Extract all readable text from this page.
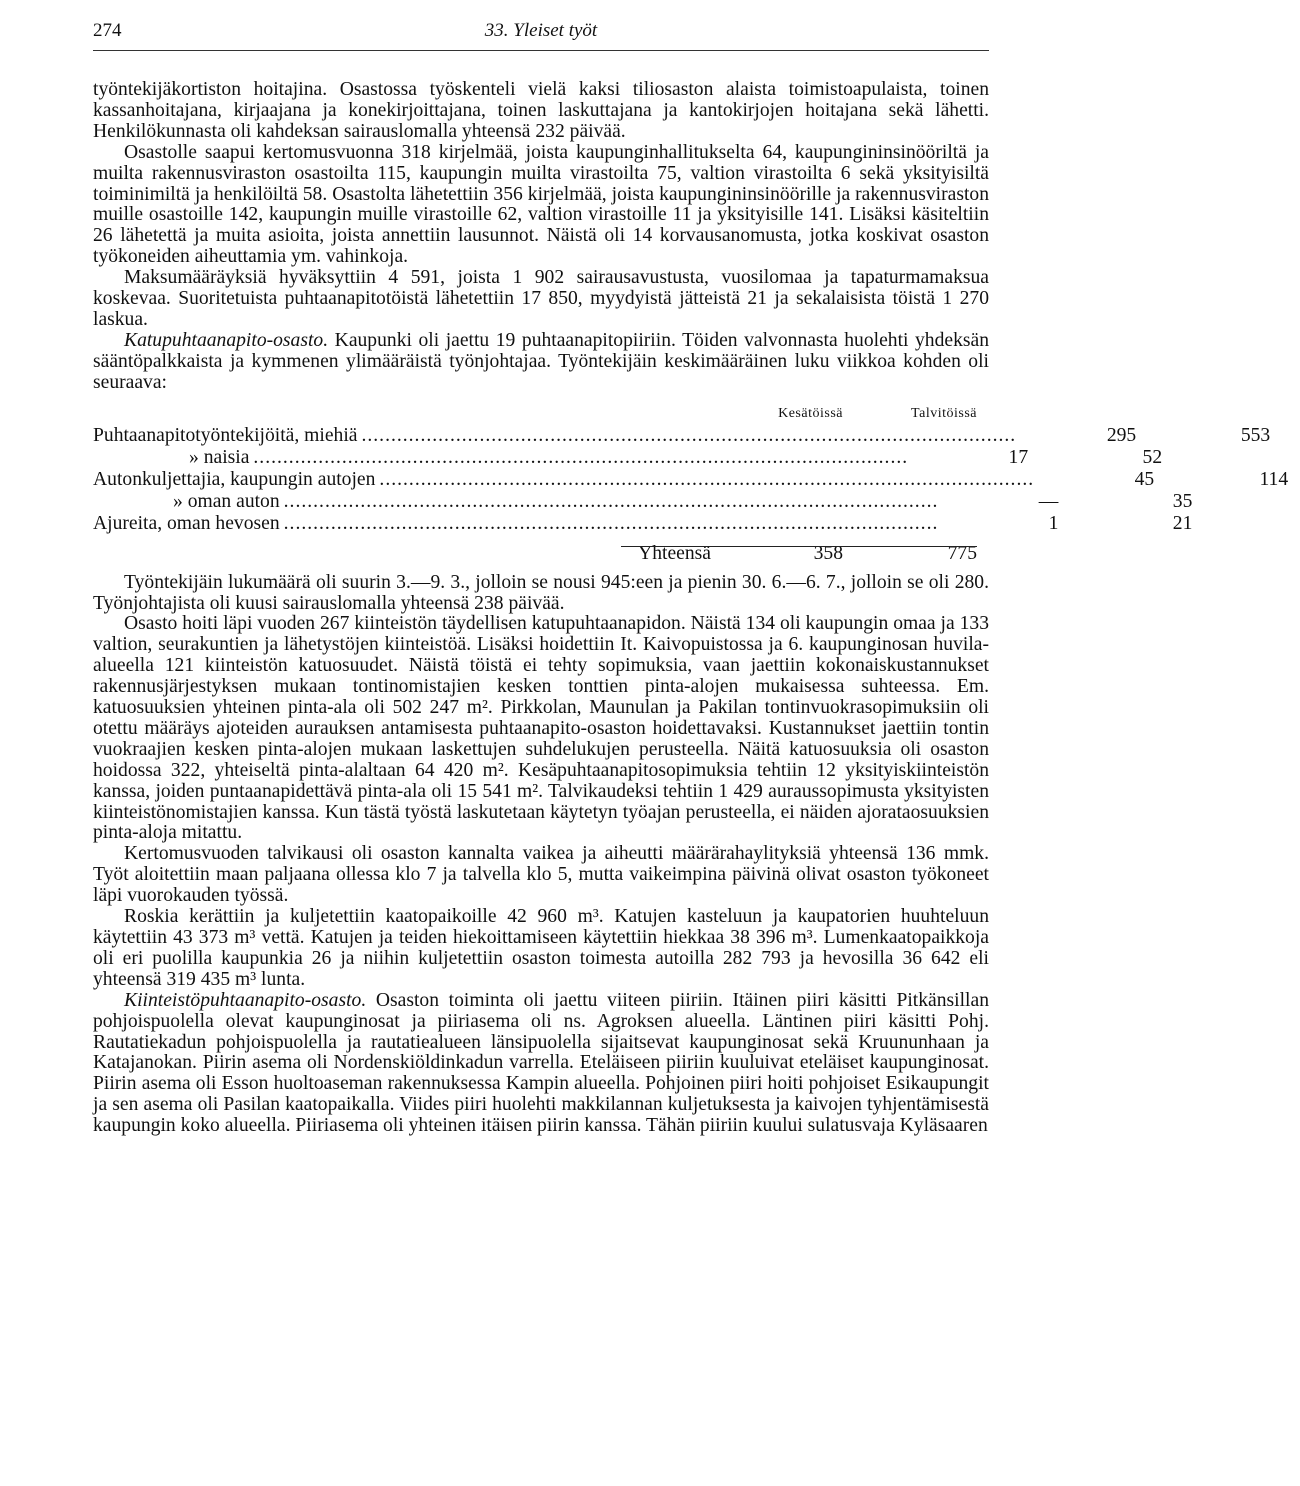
274	33. Yleiset työt

työntekijäkortiston hoitajina. Osastossa työskenteli vielä kaksi tiliosaston alaista toimistoapulaista, toinen kassanhoitajana, kirjaajana ja konekirjoittajana, toinen laskuttajana ja kantokirjojen hoitajana sekä lähetti. Henkilökunnasta oli kahdeksan sairauslomalla yhteensä 232 päivää.

Osastolle saapui kertomusvuonna 318 kirjelmää, joista kaupunginhallitukselta 64, kaupungininsinööriltä ja muilta rakennusviraston osastoilta 115, kaupungin muilta virastoilta 75, valtion virastoilta 6 sekä yksityisiltä toiminimiltä ja henkilöiltä 58. Osastolta lähetettiin 356 kirjelmää, joista kaupungininsinöörille ja rakennusviraston muille osastoille 142, kaupungin muille virastoille 62, valtion virastoille 11 ja yksityisille 141. Lisäksi käsiteltiin 26 lähetettä ja muita asioita, joista annettiin lausunnot. Näistä oli 14 korvausanomusta, jotka koskivat osaston työkoneiden aiheuttamia ym. vahinkoja.

Maksumääräyksiä hyväksyttiin 4 591, joista 1 902 sairausavustusta, vuosilomaa ja tapaturmamaksua koskevaa. Suoritetuista puhtaanapitotöistä lähetettiin 17 850, myydyistä jätteistä 21 ja sekalaisista töistä 1 270 laskua.

Katupuhtaanapito-osasto. Kaupunki oli jaettu 19 puhtaanapitopiiriin. Töiden valvonnasta huolehti yhdeksän sääntöpalkkaista ja kymmenen ylimääräistä työnjohtajaa. Työntekijäin keskimääräinen luku viikkoa kohden oli seuraava:

Kesätöissä	Talvitöissä
Puhtaanapitotyöntekijöitä, miehiä ...............................................................................................................	295	553
» naisia ...............................................................................................................	17	52
Autonkuljettajia, kaupungin autojen ...............................................................................................................	45	114
» oman auton ...............................................................................................................	—	35
Ajureita, oman hevosen ...............................................................................................................	1	21
Yhteensä	358	775

Työntekijäin lukumäärä oli suurin 3.—9. 3., jolloin se nousi 945:een ja pienin 30. 6.—6. 7., jolloin se oli 280. Työnjohtajista oli kuusi sairauslomalla yhteensä 238 päivää.

Osasto hoiti läpi vuoden 267 kiinteistön täydellisen katupuhtaanapidon. Näistä 134 oli kaupungin omaa ja 133 valtion, seurakuntien ja lähetystöjen kiinteistöä. Lisäksi hoidettiin It. Kaivopuistossa ja 6. kaupunginosan huvila-alueella 121 kiinteistön katuosuudet. Näistä töistä ei tehty sopimuksia, vaan jaettiin kokonaiskustannukset rakennusjärjestyksen mukaan tontinomistajien kesken tonttien pinta-alojen mukaisessa suhteessa. Em. katuosuuksien yhteinen pinta-ala oli 502 247 m². Pirkkolan, Maunulan ja Pakilan tontinvuokrasopimuksiin oli otettu määräys ajoteiden aurauksen antamisesta puhtaanapito-osaston hoidettavaksi. Kustannukset jaettiin tontin vuokraajien kesken pinta-alojen mukaan laskettujen suhdelukujen perusteella. Näitä katuosuuksia oli osaston hoidossa 322, yhteiseltä pinta-alaltaan 64 420 m². Kesäpuhtaanapitosopimuksia tehtiin 12 yksityiskiinteistön kanssa, joiden puntaanapidettävä pinta-ala oli 15 541 m². Talvikaudeksi tehtiin 1 429 auraussopimusta yksityisten kiinteistönomistajien kanssa. Kun tästä työstä laskutetaan käytetyn työajan perusteella, ei näiden ajorataosuuksien pinta-aloja mitattu.

Kertomusvuoden talvikausi oli osaston kannalta vaikea ja aiheutti määrärahaylityksiä yhteensä 136 mmk. Työt aloitettiin maan paljaana ollessa klo 7 ja talvella klo 5, mutta vaikeimpina päivinä olivat osaston työkoneet läpi vuorokauden työssä.

Roskia kerättiin ja kuljetettiin kaatopaikoille 42 960 m³. Katujen kasteluun ja kaupatorien huuhteluun käytettiin 43 373 m³ vettä. Katujen ja teiden hiekoittamiseen käytettiin hiekkaa 38 396 m³. Lumenkaatopaikkoja oli eri puolilla kaupunkia 26 ja niihin kuljetettiin osaston toimesta autoilla 282 793 ja hevosilla 36 642 eli yhteensä 319 435 m³ lunta.

Kiinteistöpuhtaanapito-osasto. Osaston toiminta oli jaettu viiteen piiriin. Itäinen piiri käsitti Pitkänsillan pohjoispuolella olevat kaupunginosat ja piiriasema oli ns. Agroksen alueella. Läntinen piiri käsitti Pohj. Rautatiekadun pohjoispuolella ja rautatiealueen länsipuolella sijaitsevat kaupunginosat sekä Kruununhaan ja Katajanokan. Piirin asema oli Nordenskiöldinkadun varrella. Eteläiseen piiriin kuuluivat eteläiset kaupunginosat. Piirin asema oli Esson huoltoaseman rakennuksessa Kampin alueella. Pohjoinen piiri hoiti pohjoiset Esikaupungit ja sen asema oli Pasilan kaatopaikalla. Viides piiri huolehti makkilannan kuljetuksesta ja kaivojen tyhjentämisestä kaupungin koko alueella. Piiriasema oli yhteinen itäisen piirin kanssa. Tähän piiriin kuului sulatusvaja Kyläsaaren
